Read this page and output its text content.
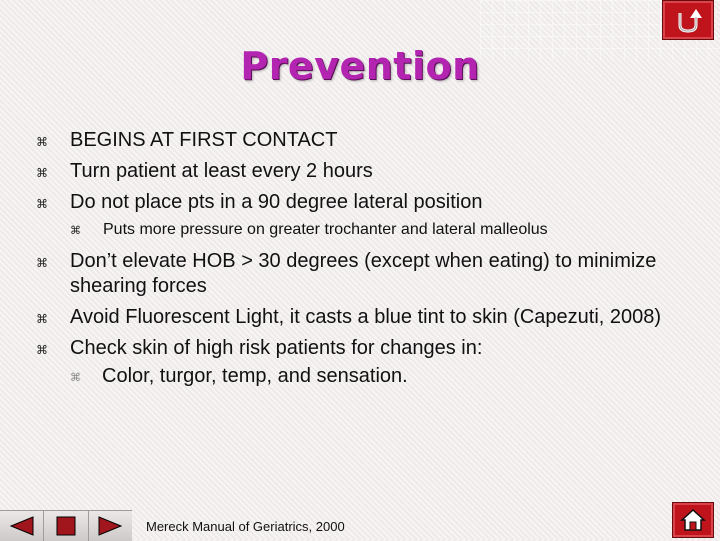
Prevention
⌘ BEGINS AT FIRST CONTACT
⌘ Turn patient at least every 2 hours
⌘ Do not place pts in a 90 degree lateral position
⌘ Puts more pressure on greater trochanter and lateral malleolus
⌘ Don’t elevate HOB > 30 degrees (except when eating) to minimize shearing forces
⌘ Avoid Fluorescent Light, it casts a blue tint to skin (Capezuti, 2008)
⌘ Check skin of high risk patients for changes in:
⌘ Color, turgor, temp, and sensation.
Mereck Manual of Geriatrics, 2000
